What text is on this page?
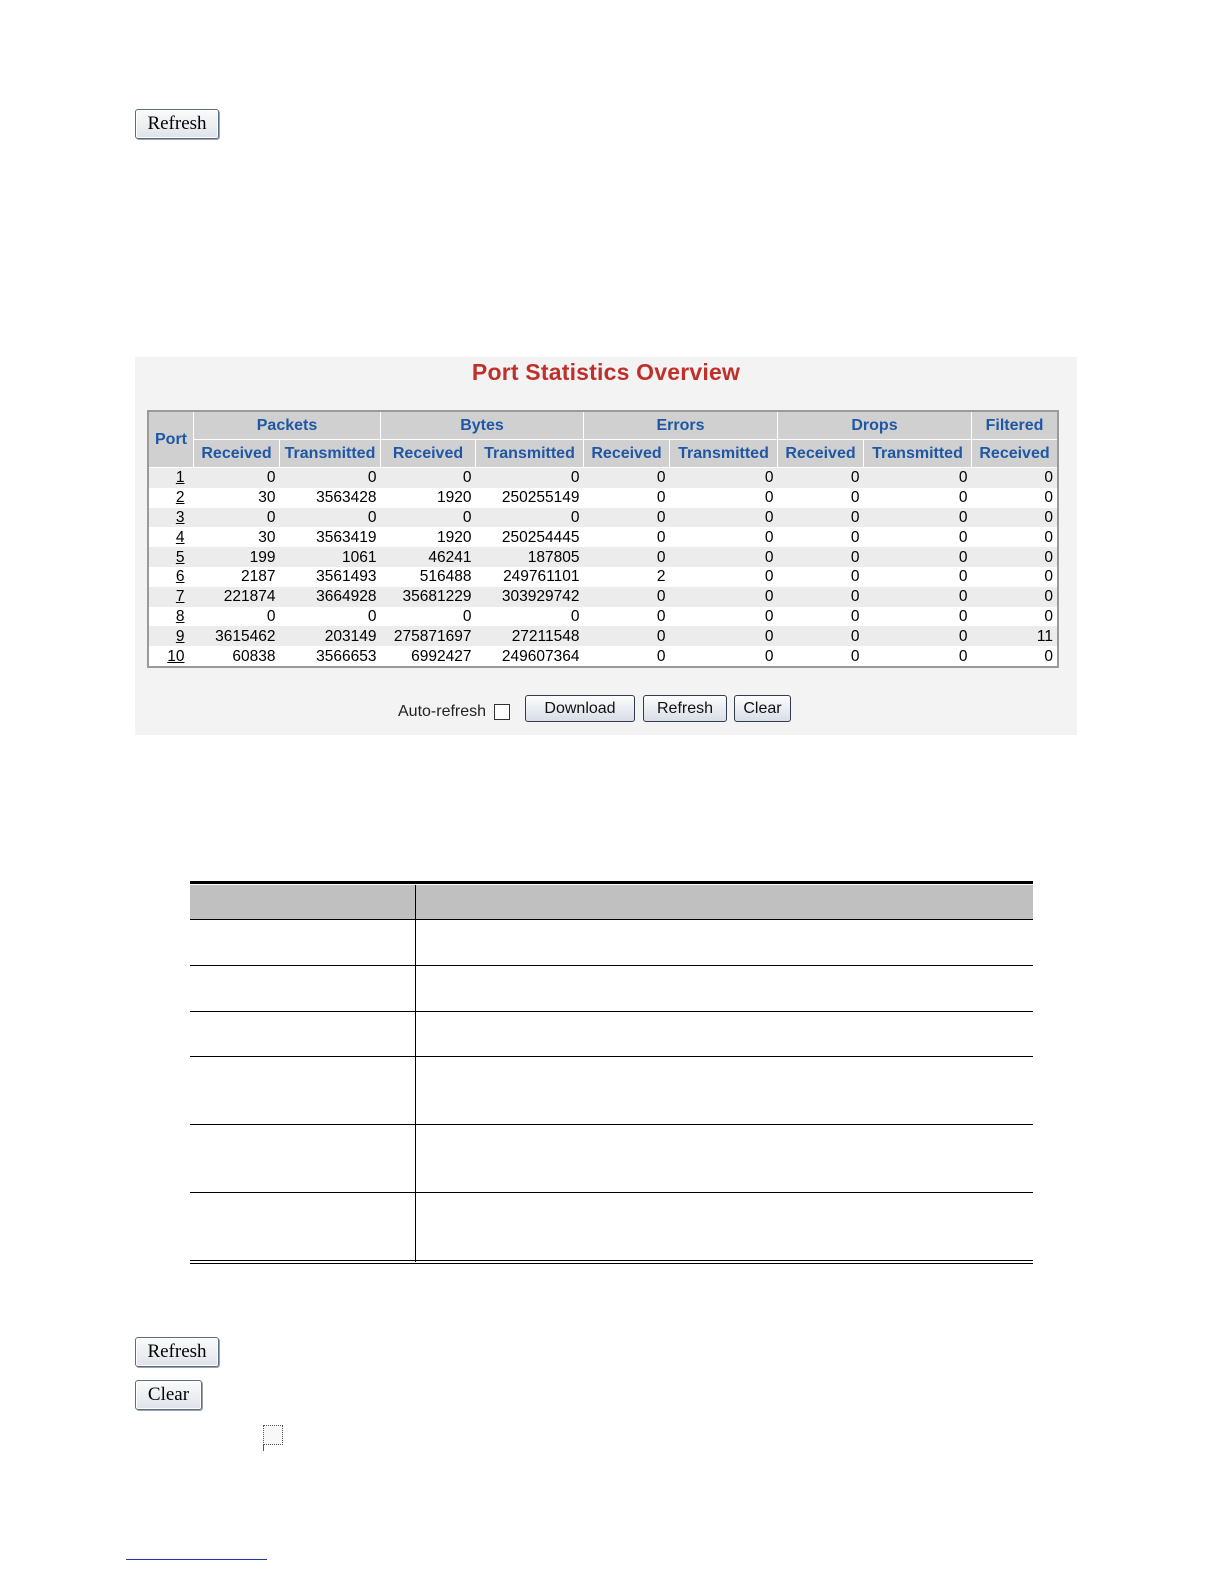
Refresh
Port Statistics Overview
Port	Packets		Bytes		Errors		Drops		Filtered
	Received	Transmitted	Received	Transmitted	Received	Transmitted	Received	Transmitted	Received
1	0	0	0	0	0	0	0	0	0
2	30	3563428	1920	250255149	0	0	0	0	0
3	0	0	0	0	0	0	0	0	0
4	30	3563419	1920	250254445	0	0	0	0	0
5	199	1061	46241	187805	0	0	0	0	0
6	2187	3561493	516488	249761101	2	0	0	0	0
7	221874	3664928	35681229	303929742	0	0	0	0	0
8	0	0	0	0	0	0	0	0	0
9	3615462	203149	275871697	27211548	0	0	0	0	11
10	60838	3566653	6992427	249607364	0	0	0	0	0
Auto-refresh	Download	Refresh	Clear
Refresh
Clear
